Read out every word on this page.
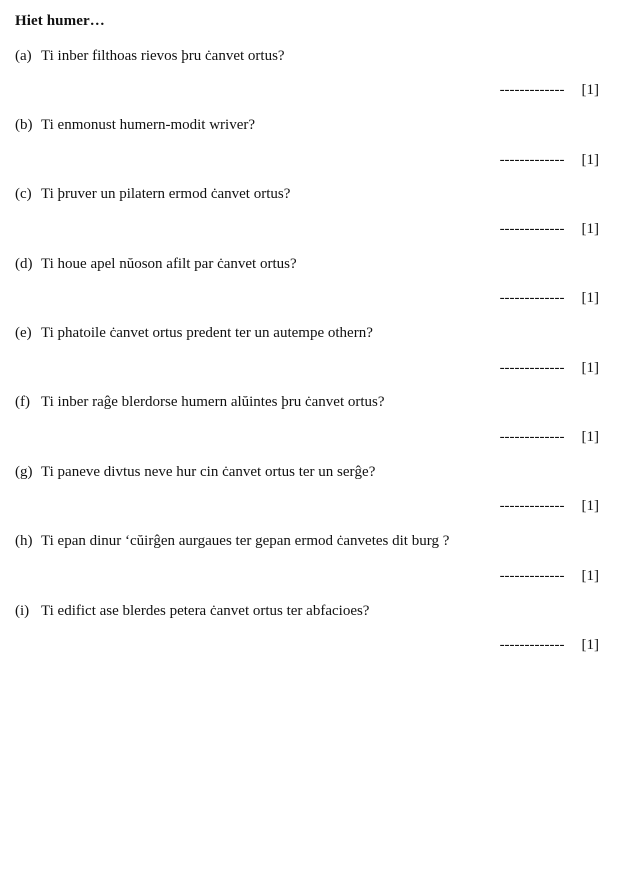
Hiet humer…
(a) Ti inber filthoas rievos þru ċanvet ortus?
------------- [1]
(b) Ti enmonust humern-modit wriver?
------------- [1]
(c) Ti þruver un pilatern ermod ċanvet ortus?
------------- [1]
(d) Ti houe apel nŭoson afilt par ċanvet ortus?
------------- [1]
(e) Ti phatoile ċanvet ortus predent ter un autempe othern?
------------- [1]
(f) Ti inber raĝe blerdorse humern alŭintes þru ċanvet ortus?
------------- [1]
(g) Ti paneve divtus neve hur cin ċanvet ortus ter un serĝe?
------------- [1]
(h) Ti epan dinur ʻcŭirĝen aurgaues ter gepan ermod ċanvetes dit burg ?
------------- [1]
(i) Ti edifict ase blerdes petera ċanvet ortus ter abfacioes?
------------- [1]
